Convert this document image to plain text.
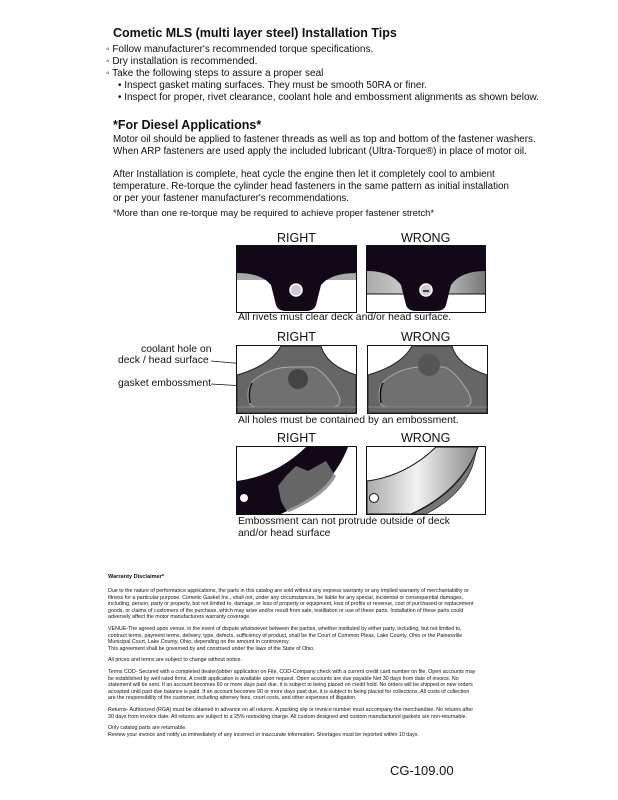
Cometic MLS (multi layer steel) Installation Tips
◦ Follow manufacturer's recommended torque specifications.
◦ Dry installation is recommended.
◦ Take the following steps to assure a proper seal
• Inspect gasket mating surfaces. They must be smooth 50RA or finer.
• Inspect for proper, rivet clearance, coolant hole and embossment alignments as shown below.
*For Diesel Applications*
Motor oil should be applied to fastener threads as well as top and bottom of the fastener washers.
When ARP fasteners are used apply the included lubricant (Ultra-Torque®) in place of motor oil.
After Installation is complete, heat cycle the engine then let it completely cool to ambient
temperature. Re-torque the cylinder head fasteners in the same pattern as initial installation
or per your fastener manufacturer's recommendations.
*More than one re-torque may be required to achieve proper fastener stretch*
RIGHT	WRONG
All rivets must clear deck and/or head surface.
RIGHT	WRONG
coolant hole on
deck / head surface
gasket embossment
All holes must be contained by an embossment.
RIGHT	WRONG
Embossment can not protrude outside of deck
and/or head surface
Warranty Disclaimer*
Due to the nature of performance applications, the parts in this catalog are sold without any express warranty or any implied warranty of merchantability or
fitness for a particular purpose. Cometic Gasket Inc., shall not, under any circumstances, be liable for any special, incidental or consequential damages,
including, person, party or property, but not limited to, damage, or loss of property or equipment, loss of profits or revenue, cost of purchased or replacement
goods, or claims of customers of the purchase, which may arise and/or result from sale, instillation or use of these parts. Installation of these parts could
adversely affect the motor manufacturers warranty coverage.
VENUE-The agreed upon venue, in the event of dispute whatsoever between the parties, whether instituted by either party, including, but not limited to,
contract terms, payment terms, delivery, type, defects, sufficiency of product, shall be the Court of Common Pleas, Lake County, Ohio or the Painesville
Municipal Court, Lake County, Ohio, depending on the amount in controversy.
This agreement shall be governed by and construed under the laws of the State of Ohio.
All prices and terms are subject to change without notice.
Terms COD- Secured with a completed dealer/jobber application on File, COD-Company check with a current credit card number on file. Open accounts may
be established by well rated firms. A credit application is available upon request. Open accounts are due payable Net 30 days from date of invoice. No
statement will be sent. If an account becomes 60 or more days past due, it is subject to being placed on credit hold. No orders will be shipped or new orders
accepted until past due balance is paid. If an account becomes 90 or more days past due, it is subject to being placed for collections. All costs of collection
are the responsibility of the customer, including attorney fees, court costs, and other expenses of litigation.
Returns- Authorized (RGA) must be obtained in advance on all returns. A packing slip or invoice number must accompany the merchandise. No returns after
30 days from invoice date. All returns are subject to a 25% restocking charge. All custom designed and custom manufactured gaskets are non-returnable.
Only catalog parts are returnable.
Review your invoice and notify us immediately of any incorrect or inaccurate information. Shortages must be reported within 10 days.
CG-109.00
